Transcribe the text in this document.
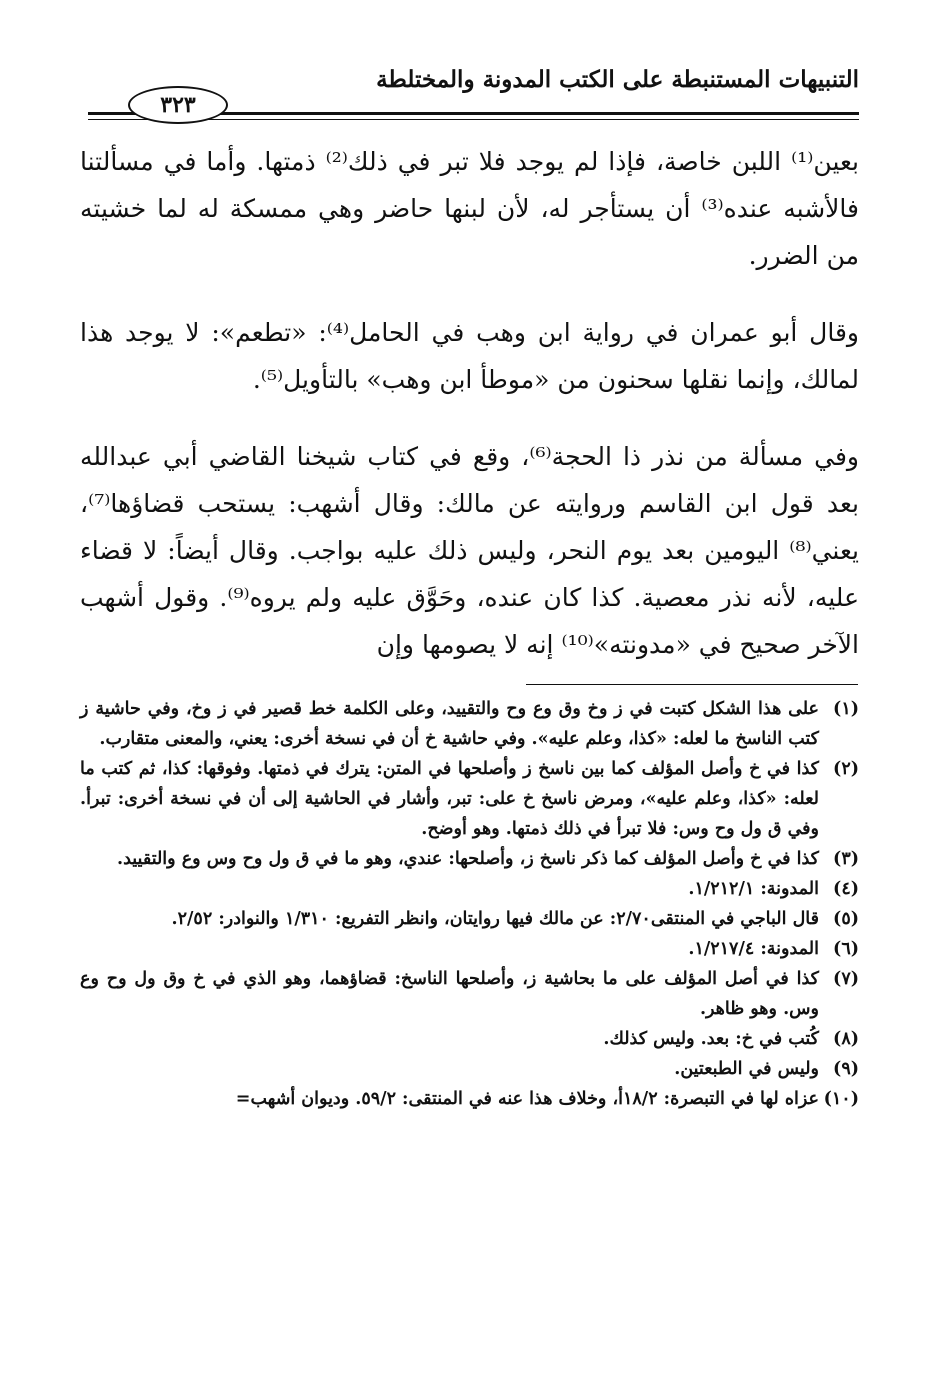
التنبيهات المستنبطة على الكتب المدونة والمختلطة
٣٢٣

بعين⁽¹⁾ اللبن خاصة، فإذا لم يوجد فلا تبر في ذلك⁽²⁾ ذمتها. وأما في مسألتنا فالأشبه عنده⁽³⁾ أن يستأجر له، لأن لبنها حاضر وهي ممسكة له لما خشيته من الضرر.

وقال أبو عمران في رواية ابن وهب في الحامل⁽⁴⁾: «تطعم»: لا يوجد هذا لمالك، وإنما نقلها سحنون من «موطأ ابن وهب» بالتأويل⁽⁵⁾.

وفي مسألة من نذر ذا الحجة⁽⁶⁾، وقع في كتاب شيخنا القاضي أبي عبدالله بعد قول ابن القاسم وروايته عن مالك: وقال أشهب: يستحب قضاؤها⁽⁷⁾، يعني⁽⁸⁾ اليومين بعد يوم النحر، وليس ذلك عليه بواجب. وقال أيضاً: لا قضاء عليه، لأنه نذر معصية. كذا كان عنده، وحَوَّق عليه ولم يروه⁽⁹⁾. وقول أشهب الآخر صحيح في «مدونته»⁽¹⁰⁾ إنه لا يصومها وإن

(١)
على هذا الشكل كتبت في ز وخ وق وع وح والتقييد، وعلى الكلمة خط قصير في ز وخ، وفي حاشية ز كتب الناسخ ما لعله: «كذا، وعلم عليه». وفي حاشية خ أن في نسخة أخرى: يعني، والمعنى متقارب.
(٢)
كذا في خ وأصل المؤلف كما بين ناسخ ز وأصلحها في المتن: يترك في ذمتها. وفوقها: كذا، ثم كتب ما لعله: «كذا، وعلم عليه»، ومرض ناسخ خ على: تبر، وأشار في الحاشية إلى أن في نسخة أخرى: تبرأ. وفي ق ول وح وس: فلا تبرأ في ذلك ذمتها. وهو أوضح.
(٣)
كذا في خ وأصل المؤلف كما ذكر ناسخ ز، وأصلحها: عندي، وهو ما في ق ول وح وس وع والتقييد.
(٤)
المدونة: ١/٢١٢/١.
(٥)
قال الباجي في المنتقى٢/٧٠: عن مالك فيها روايتان، وانظر التفريع: ١/٣١٠ والنوادر: ٢/٥٢.
(٦)
المدونة: ١/٢١٧/٤.
(٧)
كذا في أصل المؤلف على ما بحاشية ز، وأصلحها الناسخ: قضاؤهما، وهو الذي في خ وق ول وح وع وس. وهو ظاهر.
(٨)
كُتب في خ: بعد. وليس كذلك.
(٩)
وليس في الطبعتين.
(١٠)
عزاه لها في التبصرة: ١٨/٢أ، وخلاف هذا عنه في المنتقى: ٥٩/٢. وديوان أشهب=
